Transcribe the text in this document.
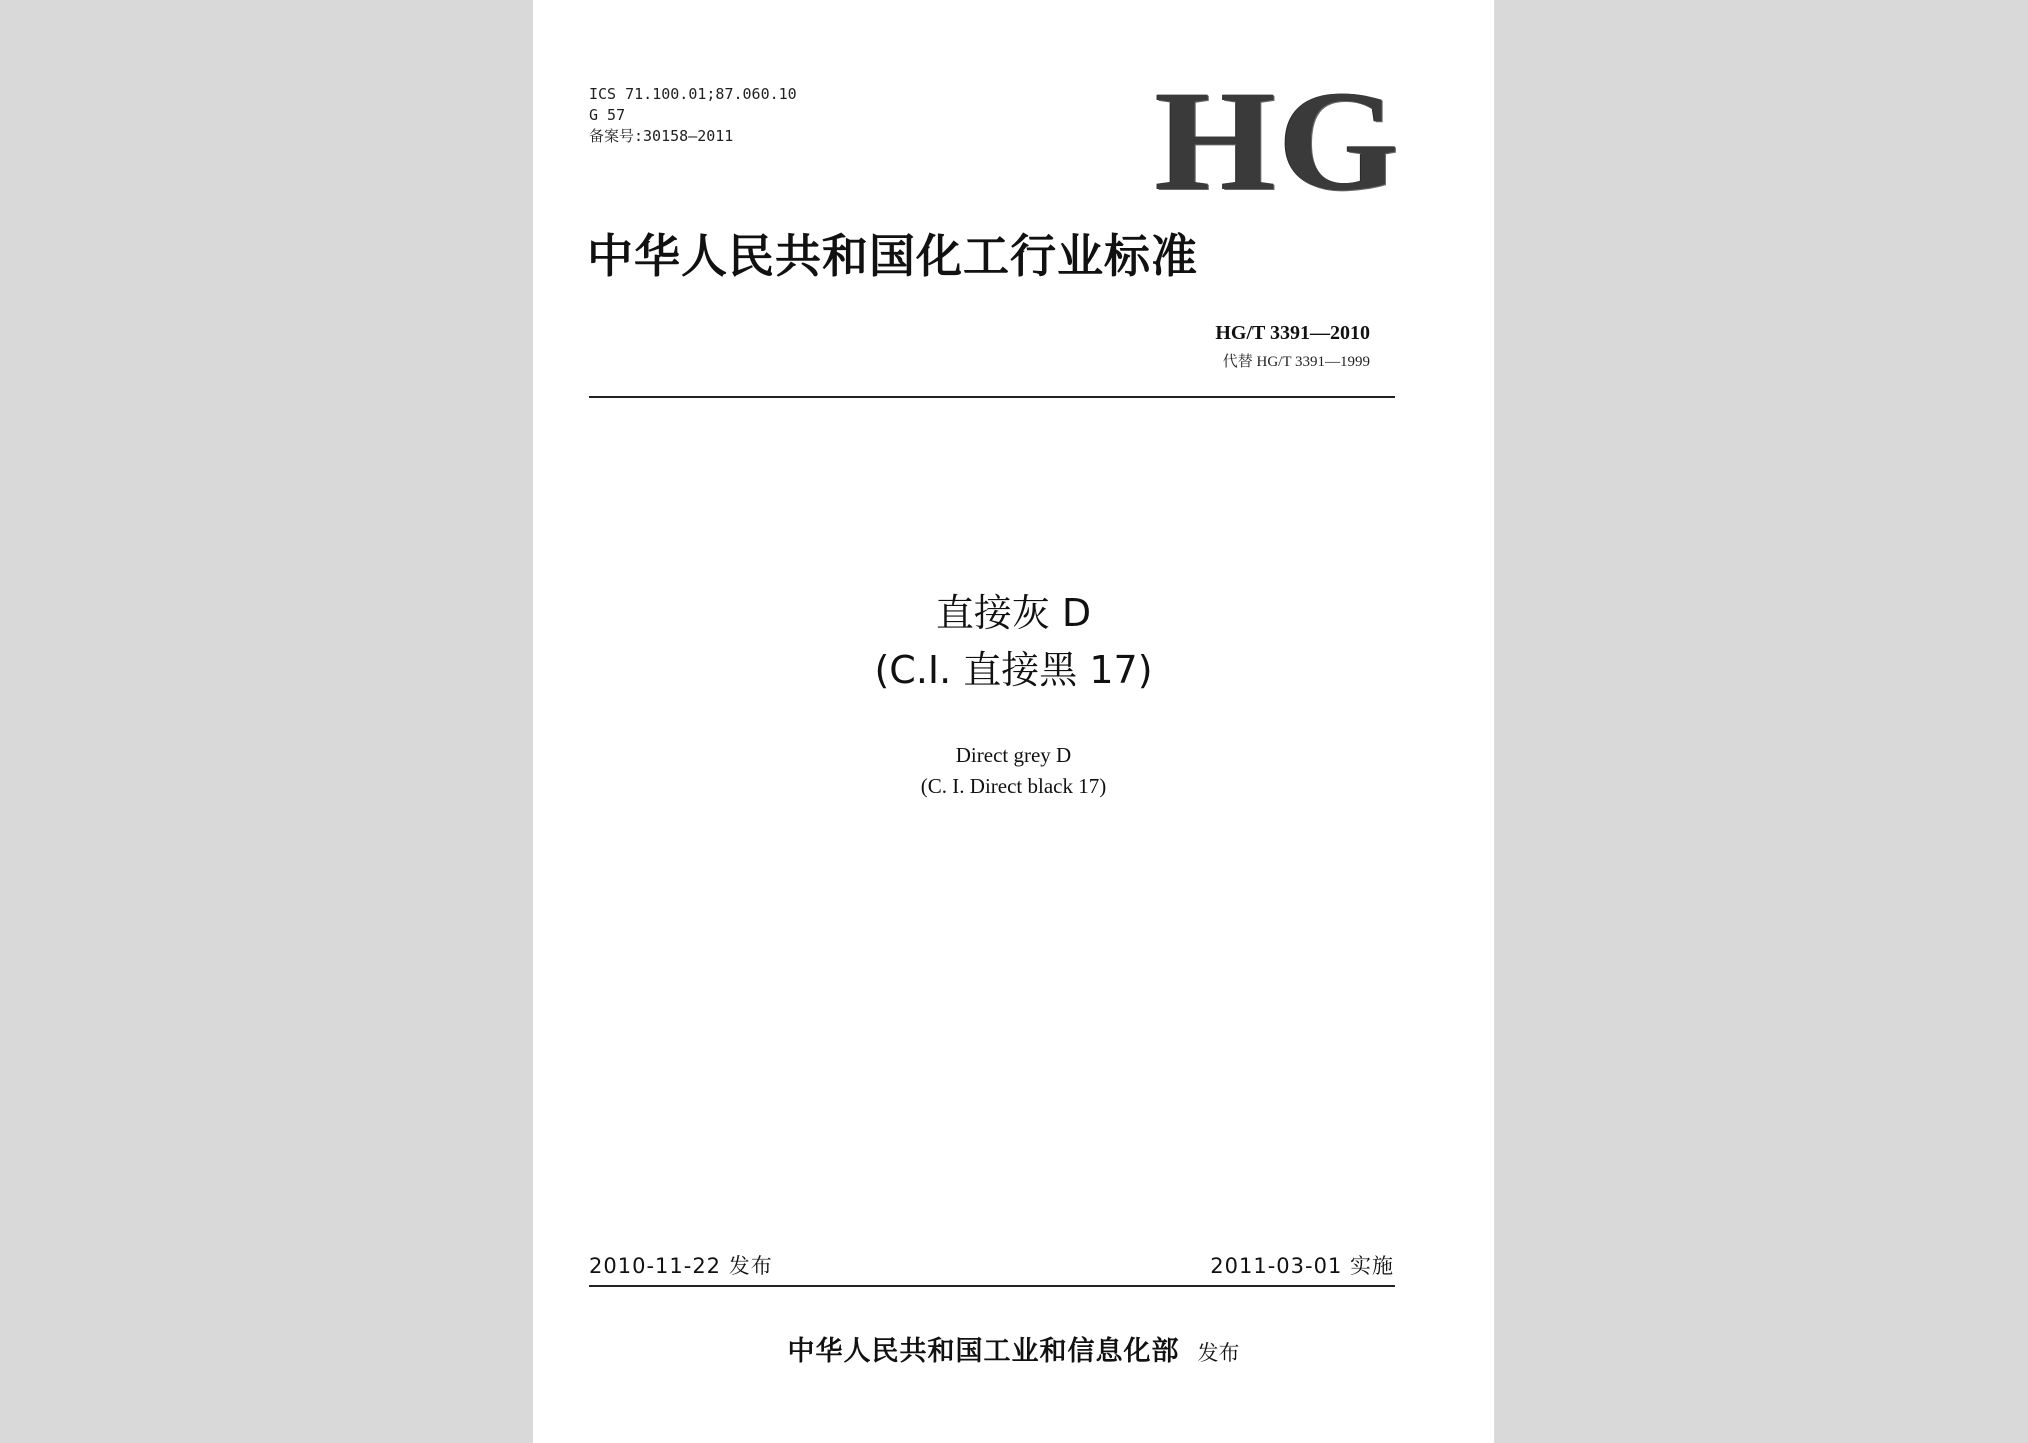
ICS 71.100.01;87.060.10
G 57
备案号:30158—2011	HG
中华人民共和国化工行业标准
HG/T 3391—2010
代替 HG/T 3391—1999
直接灰 D
(C.I. 直接黑 17)
Direct grey D
(C. I. Direct black 17)
2010-11-22 发布	2011-03-01 实施
中华人民共和国工业和信息化部 发布
